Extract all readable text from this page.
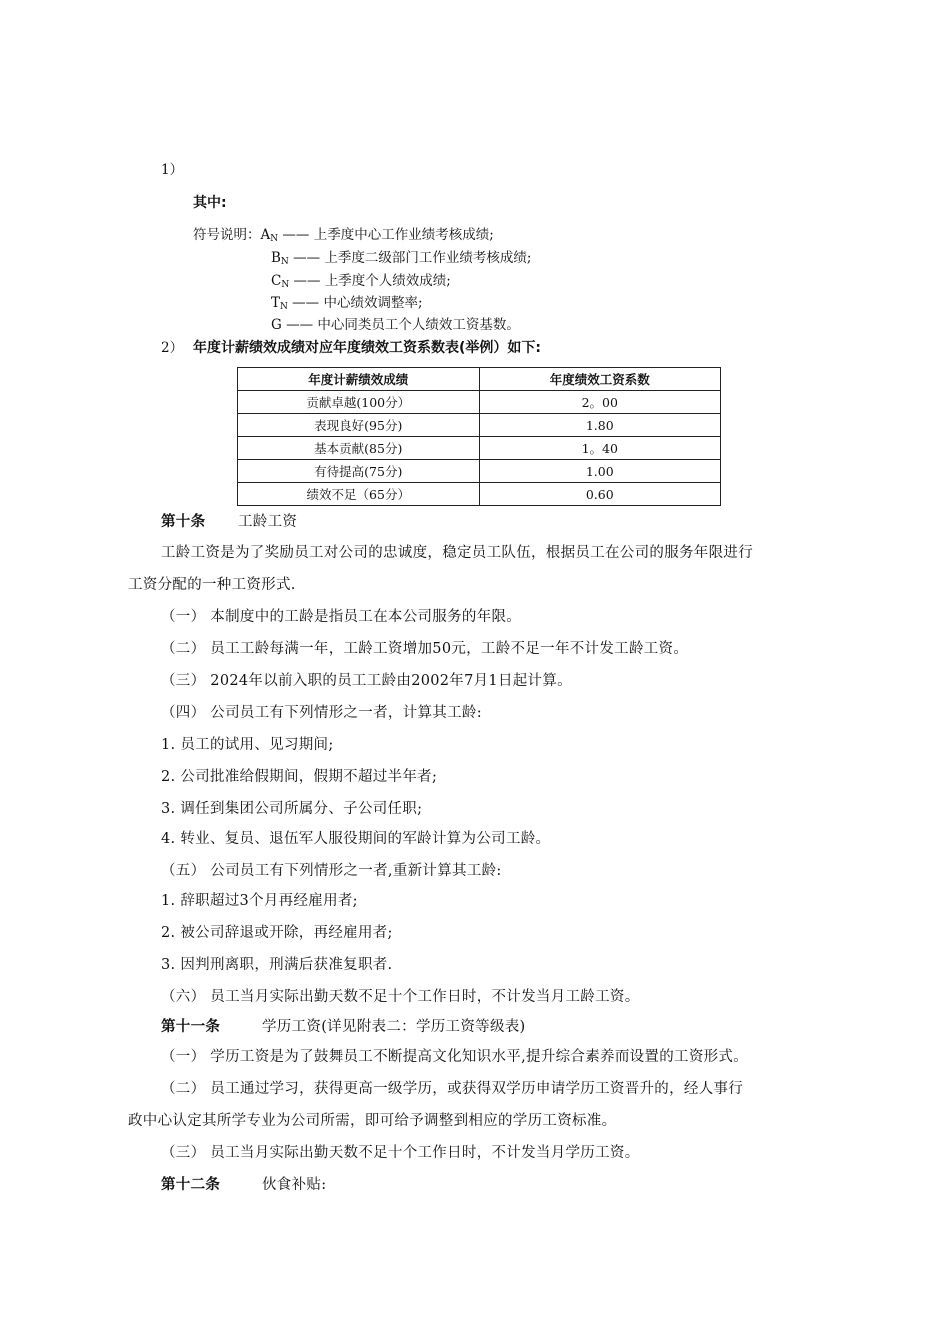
1）
其中:
符号说明：$A_N$ —— 上季度中心工作业绩考核成绩;
$B_N$ —— 上季度二级部门工作业绩考核成绩;
$C_N$ —— 上季度个人绩效成绩;
$T_N$ —— 中心绩效调整率;
G —— 中心同类员工个人绩效工资基数。
2） 年度计薪绩效成绩对应年度绩效工资系数表(举例）如下:
年度计薪绩效成绩	年度绩效工资系数
贡献卓越(100分）	2。00
表现良好(95分)	1.80
基本贡献(85分)	1。40
有待提高(75分)	1.00
绩效不足（65分）	0.60
第十条 工龄工资
工龄工资是为了奖励员工对公司的忠诚度，稳定员工队伍，根据员工在公司的服务年限进行
工资分配的一种工资形式.
（一） 本制度中的工龄是指员工在本公司服务的年限。
（二） 员工工龄每满一年，工龄工资增加50元，工龄不足一年不计发工龄工资。
（三） 2024年以前入职的员工工龄由2002年7月1日起计算。
（四） 公司员工有下列情形之一者，计算其工龄:
1. 员工的试用、见习期间;
2. 公司批准给假期间，假期不超过半年者;
3. 调任到集团公司所属分、子公司任职;
4. 转业、复员、退伍军人服役期间的军龄计算为公司工龄。
（五） 公司员工有下列情形之一者,重新计算其工龄:
1. 辞职超过3个月再经雇用者;
2. 被公司辞退或开除，再经雇用者;
3. 因判刑离职，刑满后获准复职者.
（六） 员工当月实际出勤天数不足十个工作日时，不计发当月工龄工资。
第十一条	学历工资(详见附表二：学历工资等级表)
（一） 学历工资是为了鼓舞员工不断提高文化知识水平,提升综合素养而设置的工资形式。
（二） 员工通过学习，获得更高一级学历，或获得双学历申请学历工资晋升的，经人事行
政中心认定其所学专业为公司所需，即可给予调整到相应的学历工资标准。
（三） 员工当月实际出勤天数不足十个工作日时，不计发当月学历工资。
第十二条	伙食补贴:
